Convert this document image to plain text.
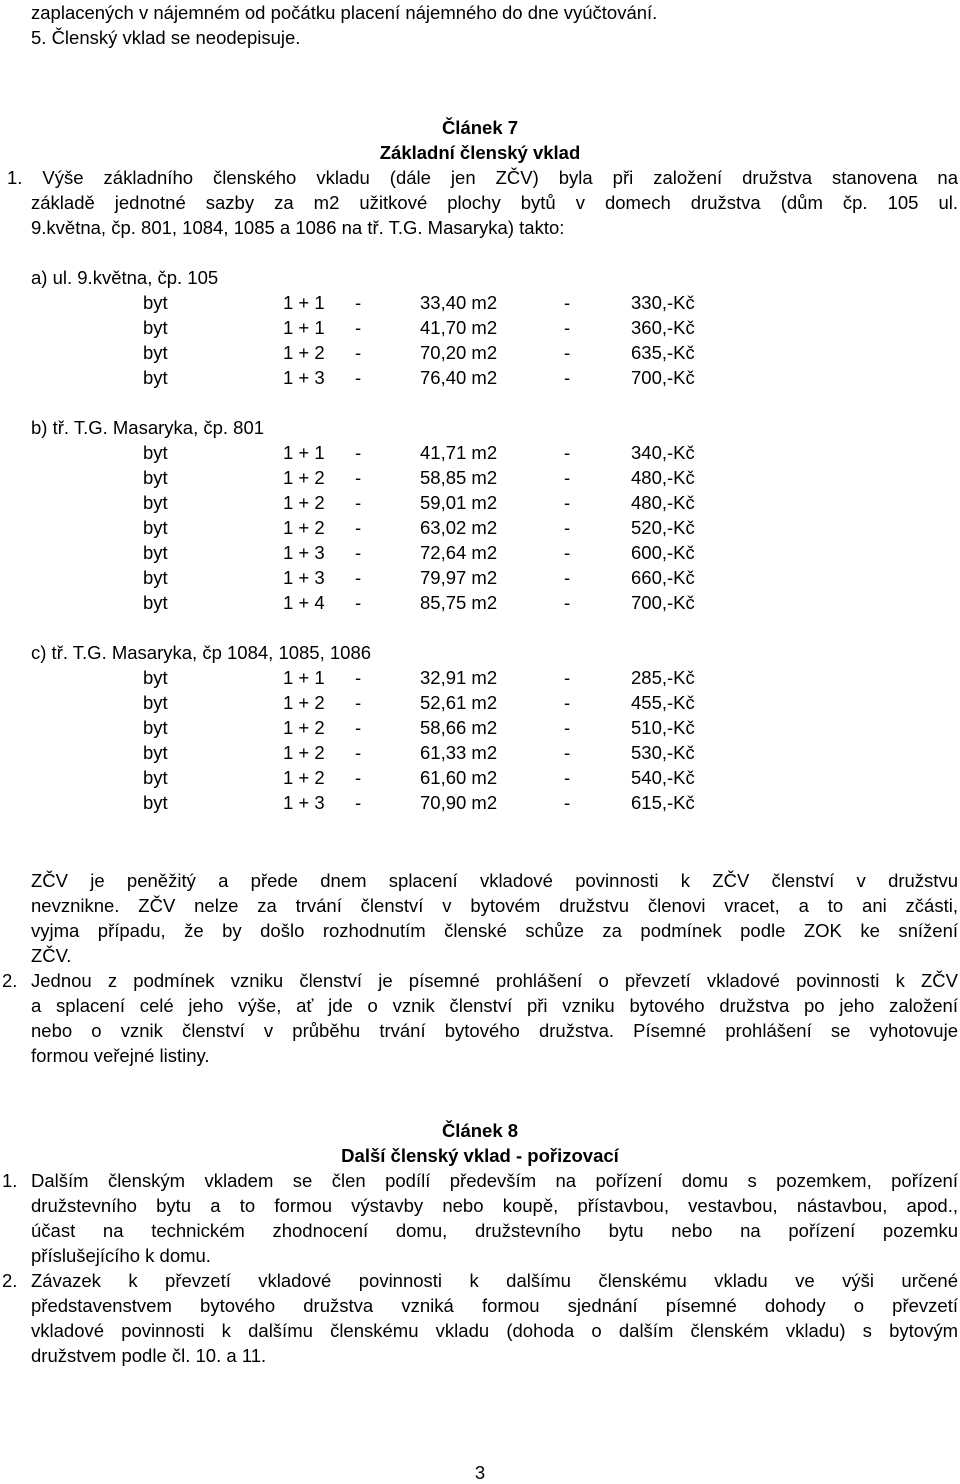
zaplacených v nájemném od počátku placení nájemného do dne vyúčtování.
5. Členský vklad se neodepisuje.
Článek 7
Základní členský vklad
1. Výše základního členského vkladu (dále jen ZČV) byla při založení družstva stanovena na
základě jednotné sazby za m2 užitkové plochy bytů v domech družstva (dům čp. 105 ul.
9.května, čp. 801, 1084, 1085 a 1086 na tř. T.G. Masaryka) takto:
a) ul. 9.května, čp. 105
byt	1 + 1 -	33,40 m2	-	330,-Kč
byt	1 + 1 -	41,70 m2	-	360,-Kč
byt	1 + 2 -	70,20 m2	-	635,-Kč
byt	1 + 3 -	76,40 m2	-	700,-Kč
b) tř. T.G. Masaryka, čp. 801
byt	1 + 1 -	41,71 m2	-	340,-Kč
byt	1 + 2 -	58,85 m2	-	480,-Kč
byt	1 + 2 -	59,01 m2	-	480,-Kč
byt	1 + 2 -	63,02 m2	-	520,-Kč
byt	1 + 3 -	72,64 m2	-	600,-Kč
byt	1 + 3 -	79,97 m2	-	660,-Kč
byt	1 + 4 -	85,75 m2	-	700,-Kč
c) tř. T.G. Masaryka, čp 1084, 1085, 1086
byt	1 + 1 -	32,91 m2	-	285,-Kč
byt	1 + 2 -	52,61 m2	-	455,-Kč
byt	1 + 2 -	58,66 m2	-	510,-Kč
byt	1 + 2 -	61,33 m2	-	530,-Kč
byt	1 + 2 -	61,60 m2	-	540,-Kč
byt	1 + 3 -	70,90 m2	-	615,-Kč
ZČV je peněžitý a přede dnem splacení vkladové povinnosti k ZČV členství v družstvu
nevznikne. ZČV nelze za trvání členství v bytovém družstvu členovi vracet, a to ani zčásti,
vyjma případu, že by došlo rozhodnutím členské schůze za podmínek podle ZOK ke snížení
ZČV.
2. Jednou z podmínek vzniku členství je písemné prohlášení o převzetí vkladové povinnosti k ZČV
a splacení celé jeho výše, ať jde o vznik členství při vzniku bytového družstva po jeho založení
nebo o vznik členství v průběhu trvání bytového družstva. Písemné prohlášení se vyhotovuje
formou veřejné listiny.
Článek 8
Další členský vklad - pořizovací
1. Dalším členským vkladem se člen podílí především na pořízení domu s pozemkem, pořízení
družstevního bytu a to formou výstavby nebo koupě, přístavbou, vestavbou, nástavbou, apod.,
účast na technickém zhodnocení domu, družstevního bytu nebo na pořízení pozemku
příslušejícího k domu.
2. Závazek k převzetí vkladové povinnosti k dalšímu členskému vkladu ve výši určené
představenstvem bytového družstva vzniká formou sjednání písemné dohody o převzetí
vkladové povinnosti k dalšímu členskému vkladu (dohoda o dalším členském vkladu) s bytovým
družstvem podle čl. 10. a 11.
3
